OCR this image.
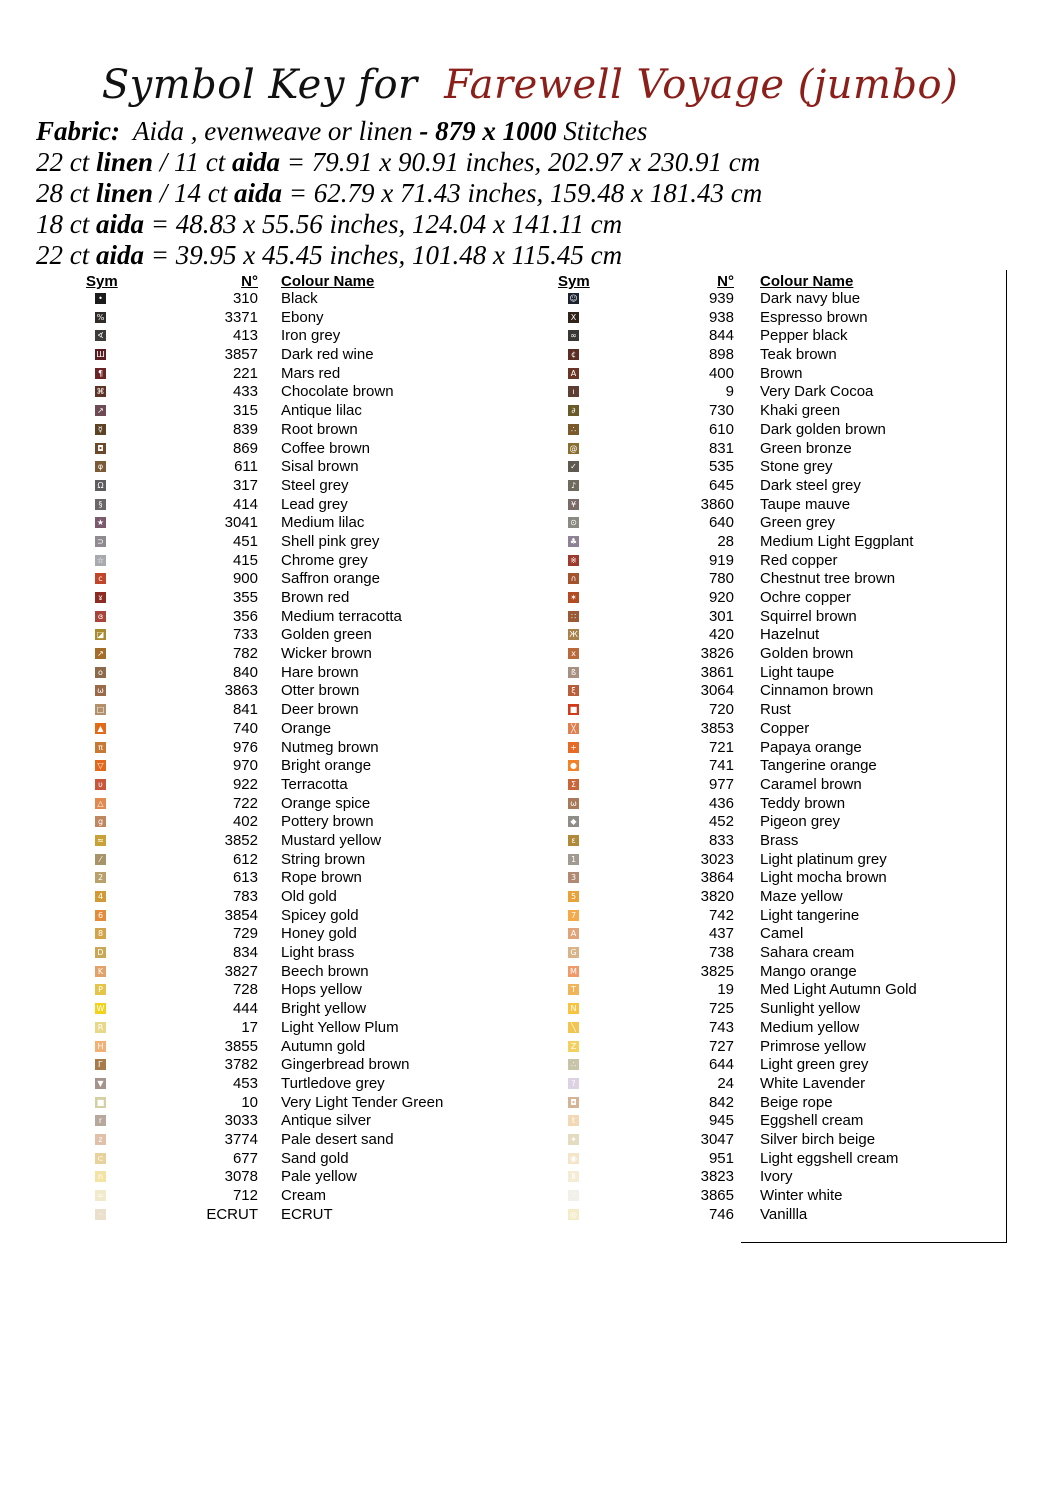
Symbol Key for Farewell Voyage (jumbo)
Fabric: Aida , evenweave or linen - 879 x 1000 Stitches
22 ct linen / 11 ct aida = 79.91 x 90.91 inches, 202.97 x 230.91 cm
28 ct linen / 14 ct aida = 62.79 x 71.43 inches, 159.48 x 181.43 cm
18 ct aida = 48.83 x 55.56 inches, 124.04 x 141.11 cm
22 ct aida = 39.95 x 45.45 inches, 101.48 x 115.45 cm
Sym	N° Colour Name	Sym	N° Colour Name
•	310 Black
%	3371 Ebony
∢	413 Iron grey
Ш	3857 Dark red wine
¶	221 Mars red
⌘	433 Chocolate brown
↗	315 Antique lilac
☿	839 Root brown
◘	869 Coffee brown
φ	611 Sisal brown
Ω	317 Steel grey
§	414 Lead grey
★	3041 Medium lilac
⊃	451 Shell pink grey
☆	415 Chrome grey
c	900 Saffron orange
ɤ	355 Brown red
ɞ	356 Medium terracotta
◪	733 Golden green
↗	782 Wicker brown
o	840 Hare brown
ω	3863 Otter brown
□	841 Deer brown
▲	740 Orange
π	976 Nutmeg brown
▽	970 Bright orange
υ	922 Terracotta
△	722 Orange spice
g	402 Pottery brown
≈	3852 Mustard yellow
⁄	612 String brown
2	613 Rope brown
4	783 Old gold
6	3854 Spicey gold
8	729 Honey gold
D	834 Light brass
K	3827 Beech brown
P	728 Hops yellow
W	444 Bright yellow
R	17 Light Yellow Plum
H	3855 Autumn gold
Г	3782 Gingerbread brown
▼	453 Turtledove grey
■	10 Very Light Tender Green
r	3033 Antique silver
z	3774 Pale desert sand
⊂	677 Sand gold
n	3078 Pale yellow
=	712 Cream
··	ECRUT ECRUT
☺	939 Dark navy blue
X	938 Espresso brown
∞	844 Pepper black
¢	898 Teak brown
A	400 Brown
ı	9 Very Dark Cocoa
∂	730 Khaki green
∴	610 Dark golden brown
@	831 Green bronze
✓	535 Stone grey
♪	645 Dark steel grey
¥	3860 Taupe mauve
⊙	640 Green grey
♣	28 Medium Light Eggplant
※	919 Red copper
∩	780 Chestnut tree brown
✶	920 Ochre copper
∷	301 Squirrel brown
Ж	420 Hazelnut
x	3826 Golden brown
ß	3861 Light taupe
ξ	3064 Cinnamon brown
■	720 Rust
╳	3853 Copper
+	721 Papaya orange
●	741 Tangerine orange
Σ	977 Caramel brown
ω	436 Teddy brown
◆	452 Pigeon grey
ɛ	833 Brass
1	3023 Light platinum grey
3	3864 Light mocha brown
5	3820 Maze yellow
7	742 Light tangerine
A	437 Camel
G	738 Sahara cream
M	3825 Mango orange
T	19 Med Light Autumn Gold
N	725 Sunlight yellow
╲	743 Medium yellow
Z	727 Primrose yellow
∴	644 Light green grey
?	24 White Lavender
◘	842 Beige rope
t	945 Eggshell cream
✦	3047 Silver birch beige
◉	951 Light eggshell cream
Ⅱ	3823 Ivory
∵	3865 Winter white
◎	746 Vanillla
